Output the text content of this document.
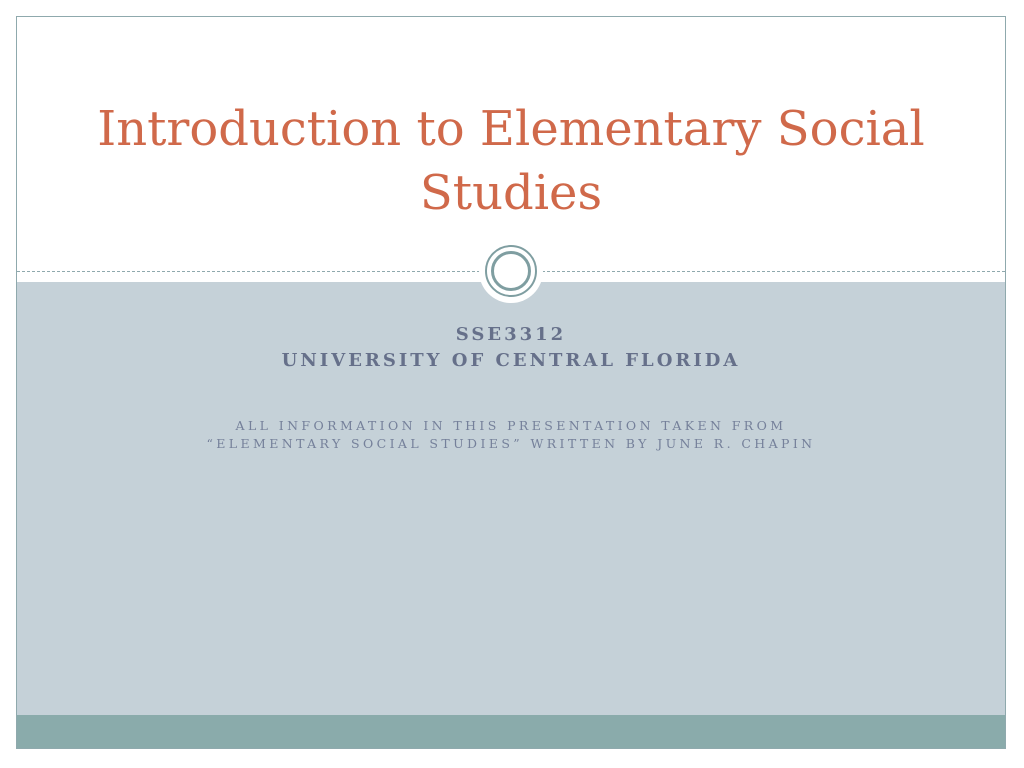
Introduction to Elementary Social Studies
SSE3312
UNIVERSITY OF CENTRAL FLORIDA
ALL INFORMATION IN THIS PRESENTATION TAKEN FROM
“ELEMENTARY SOCIAL STUDIES” WRITTEN BY JUNE R. CHAPIN
